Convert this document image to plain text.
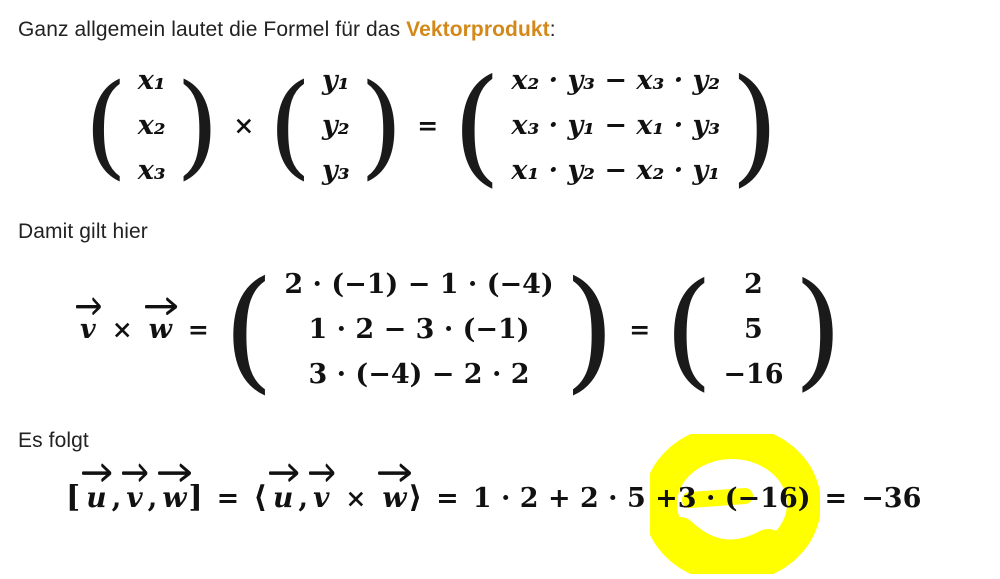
Ganz allgemein lautet die Formel für das Vektorprodukt:
( x₁
x₂
x₃ ) × ( y₁
y₂
y₃ ) = ( x₂ · y₃ − x₃ · y₂
x₃ · y₁ − x₁ · y₃
x₁ · y₂ − x₂ · y₁ )
Damit gilt hier
v × w = ( 2 · (−1) − 1 · (−4)
1 · 2 − 3 · (−1)
3 · (−4) − 2 · 2 ) = (	2
5
−16 )
Es folgt
[ u , v , w ] = ⟨ u , v × w ⟩ = 1 · 2 + 2 · 5 + 3 · (−16) = −36
